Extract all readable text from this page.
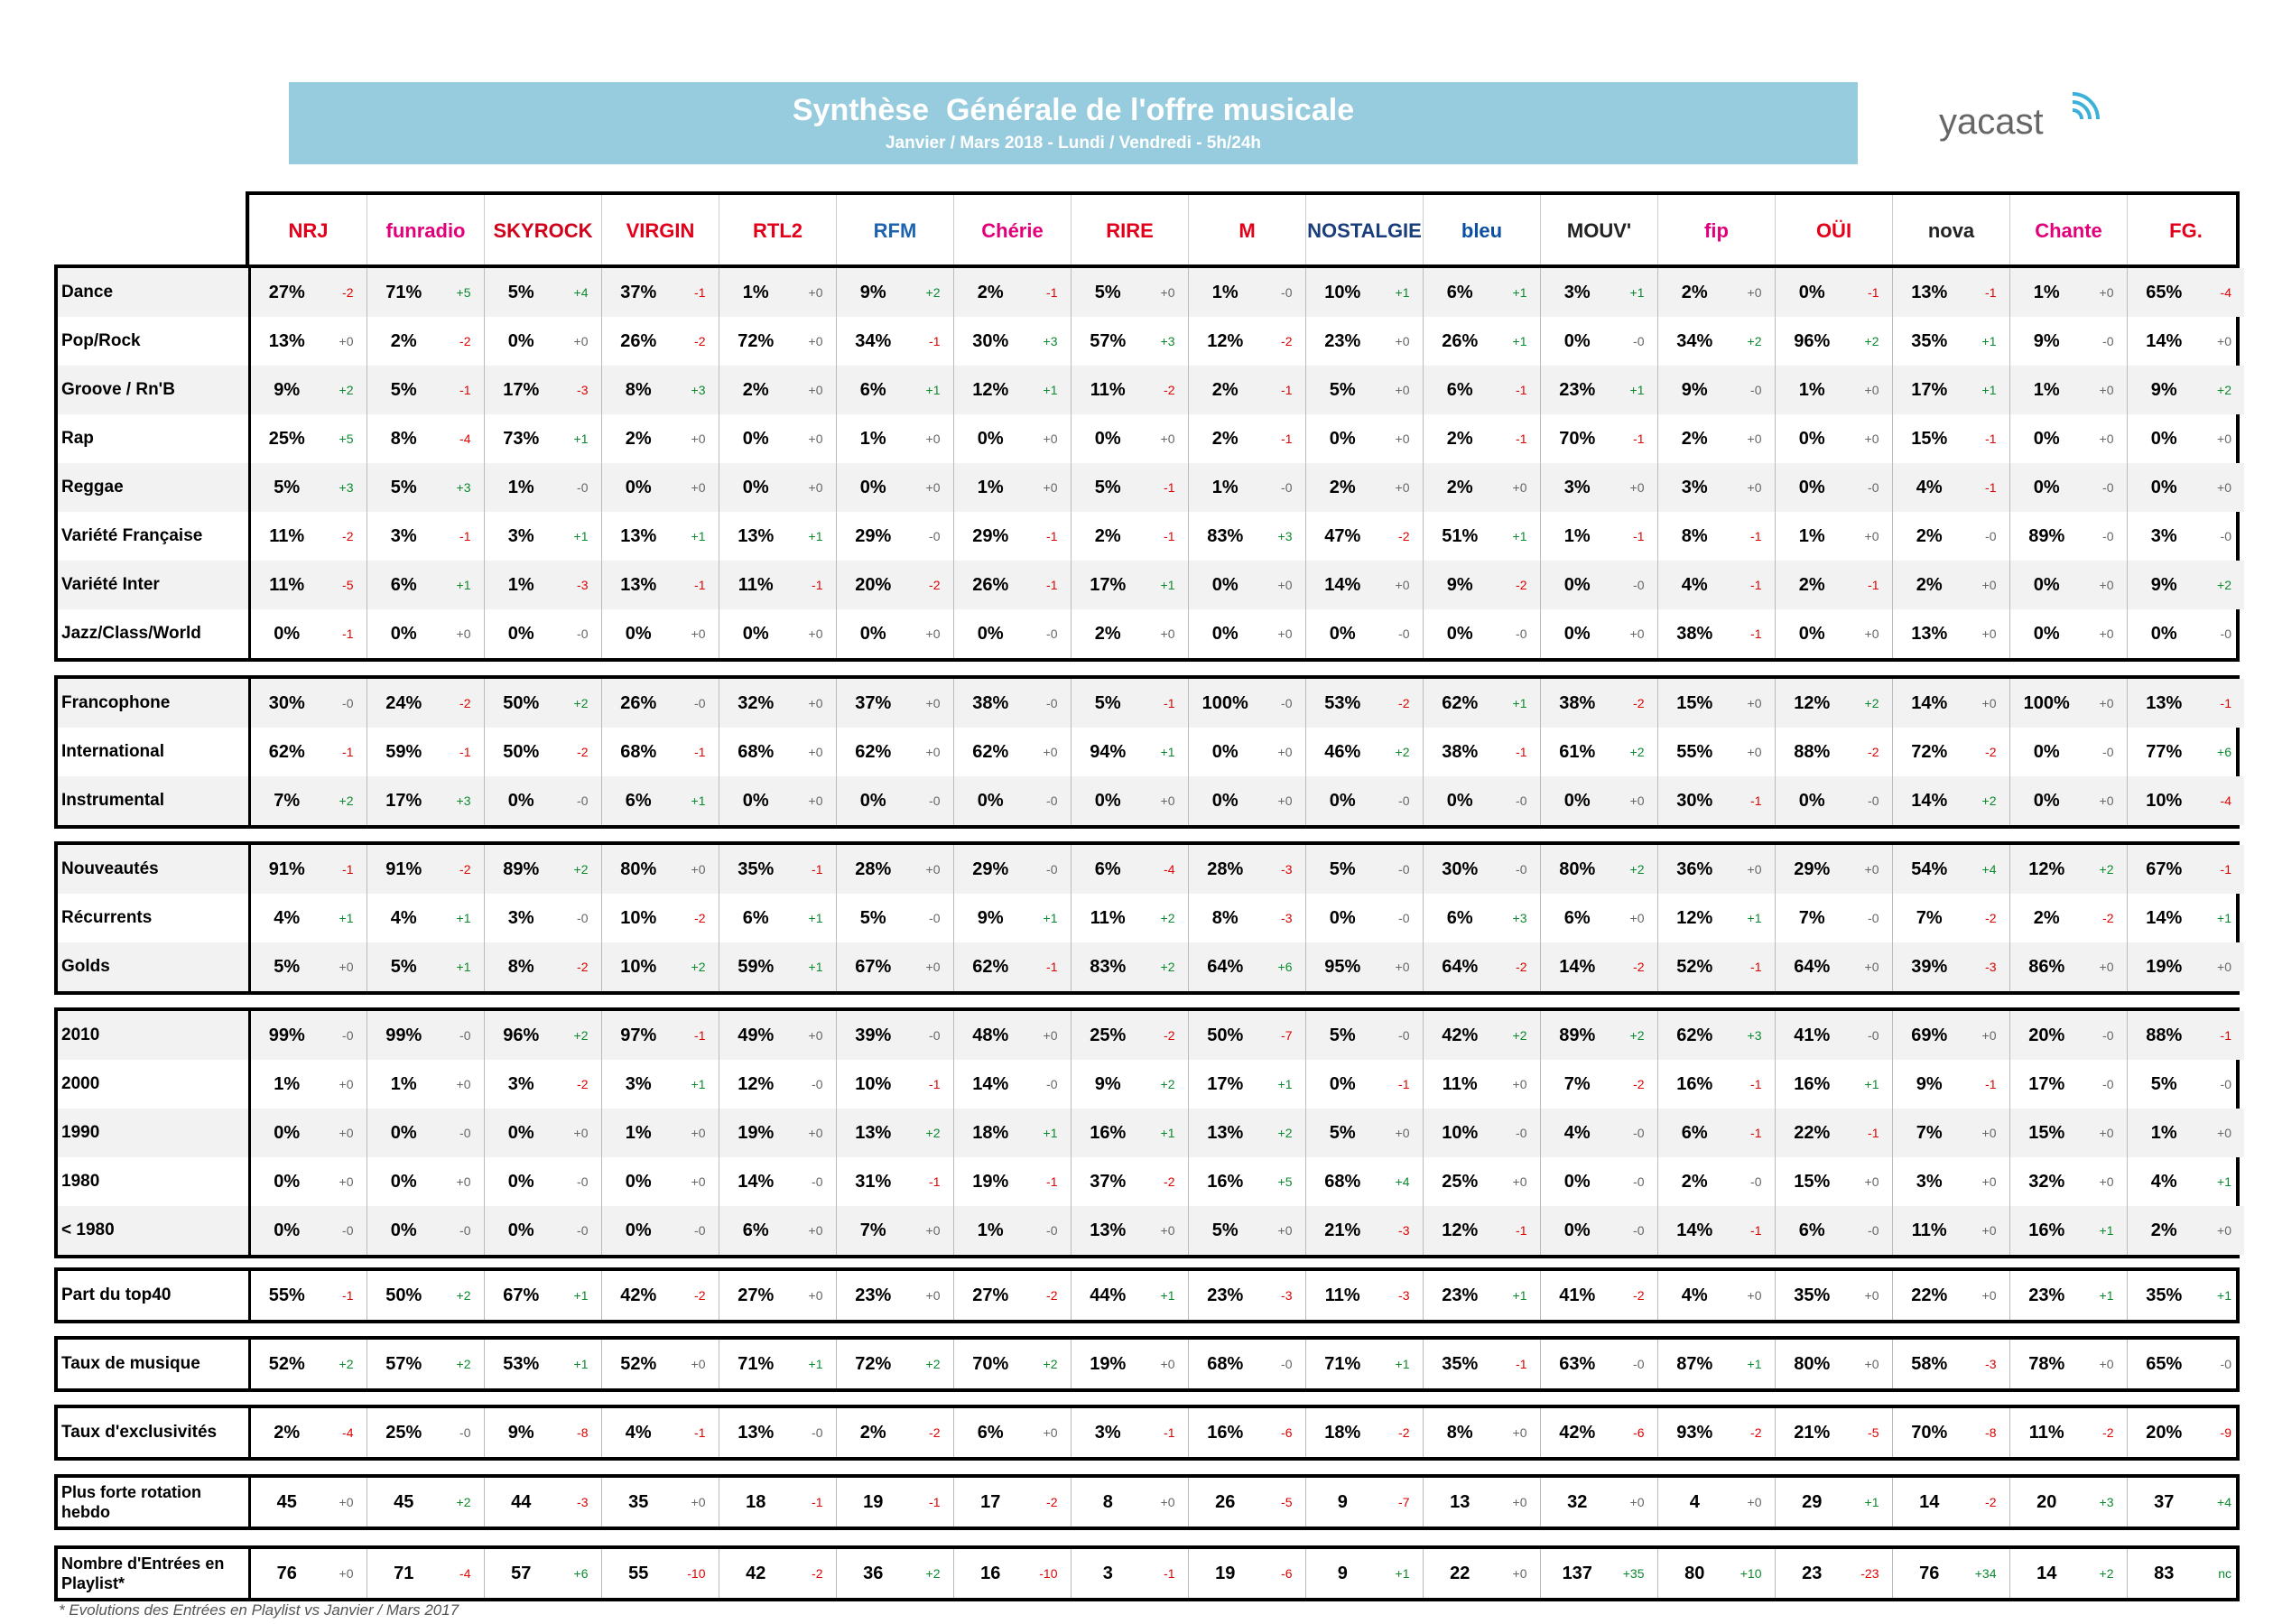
Synthèse  Générale de l'offre musicale
Janvier / Mars 2018 - Lundi / Vendredi - 5h/24h
yacast
NRJ	funradio	SKYROCK	VIRGIN	RTL2	RFM	Chérie	RIRE	M	NOSTALGIE	bleu	MOUV'	fip	OÜI	nova	Chante	FG.
Dance	27%	-2	71%	+5	5%	+4	37%	-1	1%	+0	9%	+2	2%	-1	5%	+0	1%	-0	10%	+1	6%	+1	3%	+1	2%	+0	0%	-1	13%	-1	1%	+0	65%	-4
Pop/Rock	13%	+0	2%	-2	0%	+0	26%	-2	72%	+0	34%	-1	30%	+3	57%	+3	12%	-2	23%	+0	26%	+1	0%	-0	34%	+2	96%	+2	35%	+1	9%	-0	14%	+0
Groove / Rn'B	9%	+2	5%	-1	17%	-3	8%	+3	2%	+0	6%	+1	12%	+1	11%	-2	2%	-1	5%	+0	6%	-1	23%	+1	9%	-0	1%	+0	17%	+1	1%	+0	9%	+2
Rap	25%	+5	8%	-4	73%	+1	2%	+0	0%	+0	1%	+0	0%	+0	0%	+0	2%	-1	0%	+0	2%	-1	70%	-1	2%	+0	0%	+0	15%	-1	0%	+0	0%	+0
Reggae	5%	+3	5%	+3	1%	-0	0%	+0	0%	+0	0%	+0	1%	+0	5%	-1	1%	-0	2%	+0	2%	+0	3%	+0	3%	+0	0%	-0	4%	-1	0%	-0	0%	+0
Variété Française	11%	-2	3%	-1	3%	+1	13%	+1	13%	+1	29%	-0	29%	-1	2%	-1	83%	+3	47%	-2	51%	+1	1%	-1	8%	-1	1%	+0	2%	-0	89%	-0	3%	-0
Variété Inter	11%	-5	6%	+1	1%	-3	13%	-1	11%	-1	20%	-2	26%	-1	17%	+1	0%	+0	14%	+0	9%	-2	0%	-0	4%	-1	2%	-1	2%	+0	0%	+0	9%	+2
Jazz/Class/World	0%	-1	0%	+0	0%	-0	0%	+0	0%	+0	0%	+0	0%	-0	2%	+0	0%	+0	0%	-0	0%	-0	0%	+0	38%	-1	0%	+0	13%	+0	0%	+0	0%	-0
Francophone	30%	-0	24%	-2	50%	+2	26%	-0	32%	+0	37%	+0	38%	-0	5%	-1	100%	-0	53%	-2	62%	+1	38%	-2	15%	+0	12%	+2	14%	+0	100%	+0	13%	-1
International	62%	-1	59%	-1	50%	-2	68%	-1	68%	+0	62%	+0	62%	+0	94%	+1	0%	+0	46%	+2	38%	-1	61%	+2	55%	+0	88%	-2	72%	-2	0%	-0	77%	+6
Instrumental	7%	+2	17%	+3	0%	-0	6%	+1	0%	+0	0%	-0	0%	-0	0%	+0	0%	+0	0%	-0	0%	-0	0%	+0	30%	-1	0%	-0	14%	+2	0%	+0	10%	-4
Nouveautés	91%	-1	91%	-2	89%	+2	80%	+0	35%	-1	28%	+0	29%	-0	6%	-4	28%	-3	5%	-0	30%	-0	80%	+2	36%	+0	29%	+0	54%	+4	12%	+2	67%	-1
Récurrents	4%	+1	4%	+1	3%	-0	10%	-2	6%	+1	5%	-0	9%	+1	11%	+2	8%	-3	0%	-0	6%	+3	6%	+0	12%	+1	7%	-0	7%	-2	2%	-2	14%	+1
Golds	5%	+0	5%	+1	8%	-2	10%	+2	59%	+1	67%	+0	62%	-1	83%	+2	64%	+6	95%	+0	64%	-2	14%	-2	52%	-1	64%	+0	39%	-3	86%	+0	19%	+0
2010	99%	-0	99%	-0	96%	+2	97%	-1	49%	+0	39%	-0	48%	+0	25%	-2	50%	-7	5%	-0	42%	+2	89%	+2	62%	+3	41%	-0	69%	+0	20%	-0	88%	-1
2000	1%	+0	1%	+0	3%	-2	3%	+1	12%	-0	10%	-1	14%	-0	9%	+2	17%	+1	0%	-1	11%	+0	7%	-2	16%	-1	16%	+1	9%	-1	17%	-0	5%	-0
1990	0%	+0	0%	-0	0%	+0	1%	+0	19%	+0	13%	+2	18%	+1	16%	+1	13%	+2	5%	+0	10%	-0	4%	-0	6%	-1	22%	-1	7%	+0	15%	+0	1%	+0
1980	0%	+0	0%	+0	0%	-0	0%	+0	14%	-0	31%	-1	19%	-1	37%	-2	16%	+5	68%	+4	25%	+0	0%	-0	2%	-0	15%	+0	3%	+0	32%	+0	4%	+1
< 1980	0%	-0	0%	-0	0%	-0	0%	-0	6%	+0	7%	+0	1%	-0	13%	+0	5%	+0	21%	-3	12%	-1	0%	-0	14%	-1	6%	-0	11%	+0	16%	+1	2%	+0
Part du top40	55%	-1	50%	+2	67%	+1	42%	-2	27%	+0	23%	+0	27%	-2	44%	+1	23%	-3	11%	-3	23%	+1	41%	-2	4%	+0	35%	+0	22%	+0	23%	+1	35%	+1
Taux de musique	52%	+2	57%	+2	53%	+1	52%	+0	71%	+1	72%	+2	70%	+2	19%	+0	68%	-0	71%	+1	35%	-1	63%	-0	87%	+1	80%	+0	58%	-3	78%	+0	65%	-0
Taux d'exclusivités	2%	-4	25%	-0	9%	-8	4%	-1	13%	-0	2%	-2	6%	+0	3%	-1	16%	-6	18%	-2	8%	+0	42%	-6	93%	-2	21%	-5	70%	-8	11%	-2	20%	-9
Plus forte rotation hebdo	45	+0	45	+2	44	-3	35	+0	18	-1	19	-1	17	-2	8	+0	26	-5	9	-7	13	+0	32	+0	4	+0	29	+1	14	-2	20	+3	37	+4
Nombre d'Entrées en Playlist*	76	+0	71	-4	57	+6	55	-10	42	-2	36	+2	16	-10	3	-1	19	-6	9	+1	22	+0	137	+35	80	+10	23	-23	76	+34	14	+2	83	nc
* Evolutions des Entrées en Playlist vs Janvier / Mars 2017
